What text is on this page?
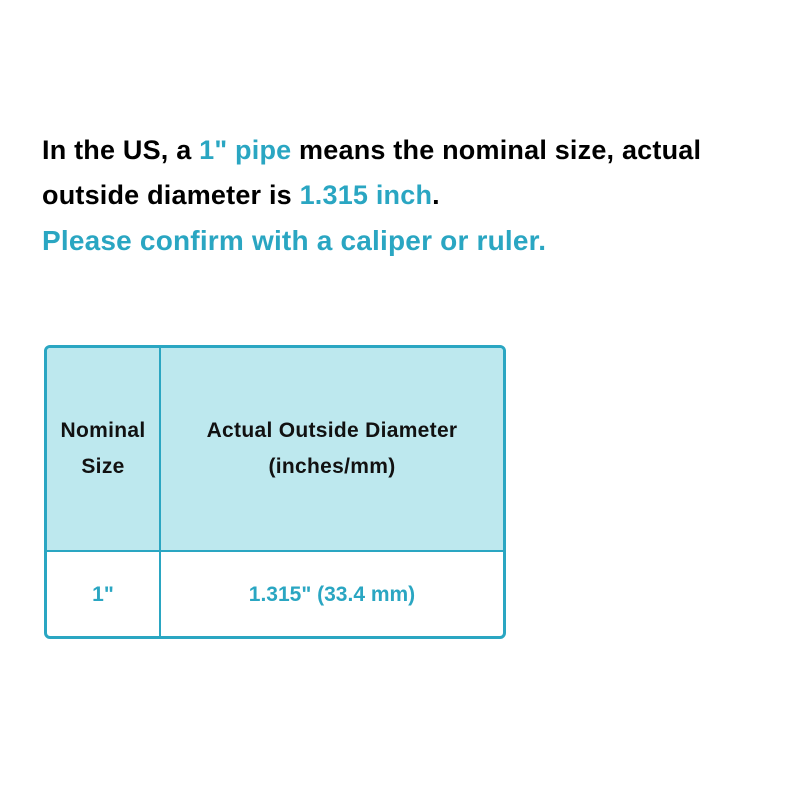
In the US, a 1" pipe means the nominal size, actual
outside diameter is 1.315 inch.
Please confirm with a caliper or ruler.
Nominal
Size
Actual Outside Diameter
(inches/mm)
1"	1.315" (33.4 mm)
